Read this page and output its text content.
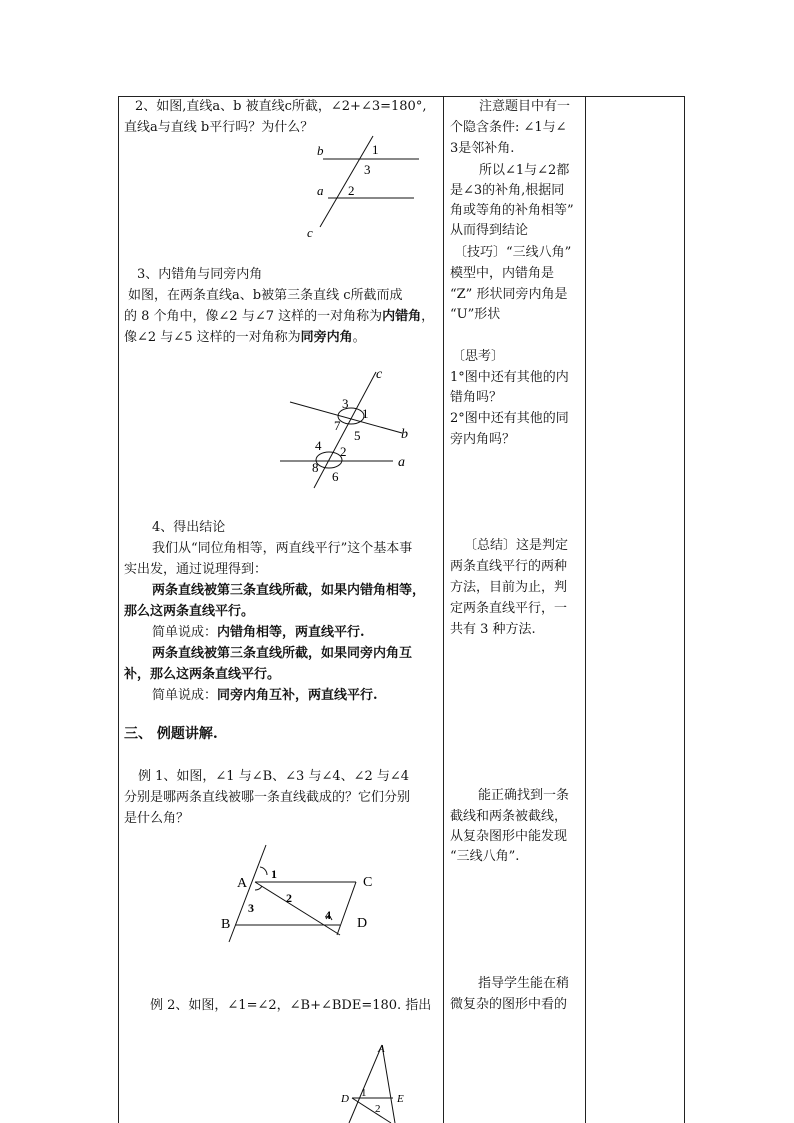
2、如图,直线a、b 被直线c所截，∠2+∠3=180°,
直线a与直线 b平行吗？为什么？
b
a
c
1
3
2
3、内错角与同旁内角
如图，在两条直线a、b被第三条直线 c所截而成
的 8 个角中，像∠2 与∠7 这样的一对角称为内错角，
像∠2 与∠5 这样的一对角称为同旁内角。
c
b
a
3
1
7
5
4 2
8
6
4、得出结论
我们从“同位角相等，两直线平行”这个基本事
实出发，通过说理得到：
两条直线被第三条直线所截，如果内错角相等，
那么这两条直线平行。
简单说成：内错角相等，两直线平行.
两条直线被第三条直线所截，如果同旁内角互
补，那么这两条直线平行。
简单说成：同旁内角互补，两直线平行.
三、 例题讲解.
例 1、如图，∠1 与∠B、∠3 与∠4、∠2 与∠4
分别是哪两条直线被哪一条直线截成的？它们分别
是什么角？
A
B
C
D
1
2
3	4
例 2、如图，∠1=∠2，∠B+∠BDE=180. 指出
A
D	E
1
2
注意题目中有一
个隐含条件: ∠1与∠
3是邻补角.
所以∠1与∠2都
是∠3的补角,根据同
角或等角的补角相等”
从而得到结论
〔技巧〕“三线八角”
模型中，内错角是
“Z” 形状同旁内角是
“U”形状
〔思考〕
1°图中还有其他的内
错角吗？
2°图中还有其他的同
旁内角吗？
〔总结〕这是判定
两条直线平行的两种
方法，目前为止，判
定两条直线平行，一
共有 3 种方法.
能正确找到一条
截线和两条被截线，
从复杂图形中能发现
“三线八角”.
指导学生能在稍
微复杂的图形中看的
